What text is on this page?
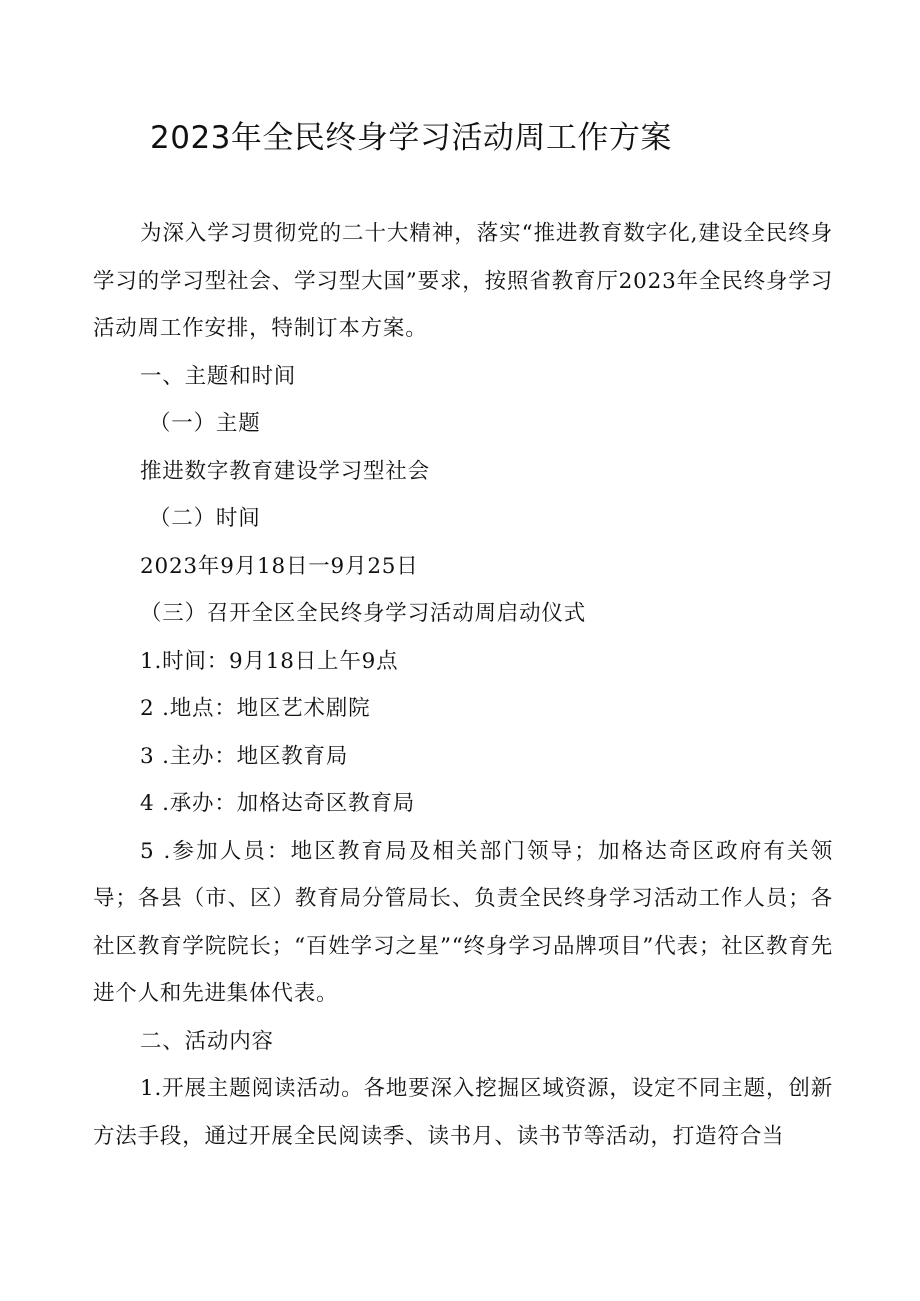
2023年全民终身学习活动周工作方案

为深入学习贯彻党的二十大精神，落实“推进教育数字化,建设全民终身学习的学习型社会、学习型大国”要求，按照省教育厅2023年全民终身学习活动周工作安排，特制订本方案。

一、主题和时间

（一）主题

推进数字教育建设学习型社会

（二）时间

2023年9月18日一9月25日

（三）召开全区全民终身学习活动周启动仪式

1.时间：9月18日上午9点

2 .地点：地区艺术剧院

3 .主办：地区教育局

4 .承办：加格达奇区教育局

5 .参加人员：地区教育局及相关部门领导；加格达奇区政府有关领导；各县（市、区）教育局分管局长、负责全民终身学习活动工作人员；各社区教育学院院长；“百姓学习之星”“终身学习品牌项目”代表；社区教育先进个人和先进集体代表。

二、活动内容

1.开展主题阅读活动。各地要深入挖掘区域资源，设定不同主题，创新方法手段，通过开展全民阅读季、读书月、读书节等活动，打造符合当
